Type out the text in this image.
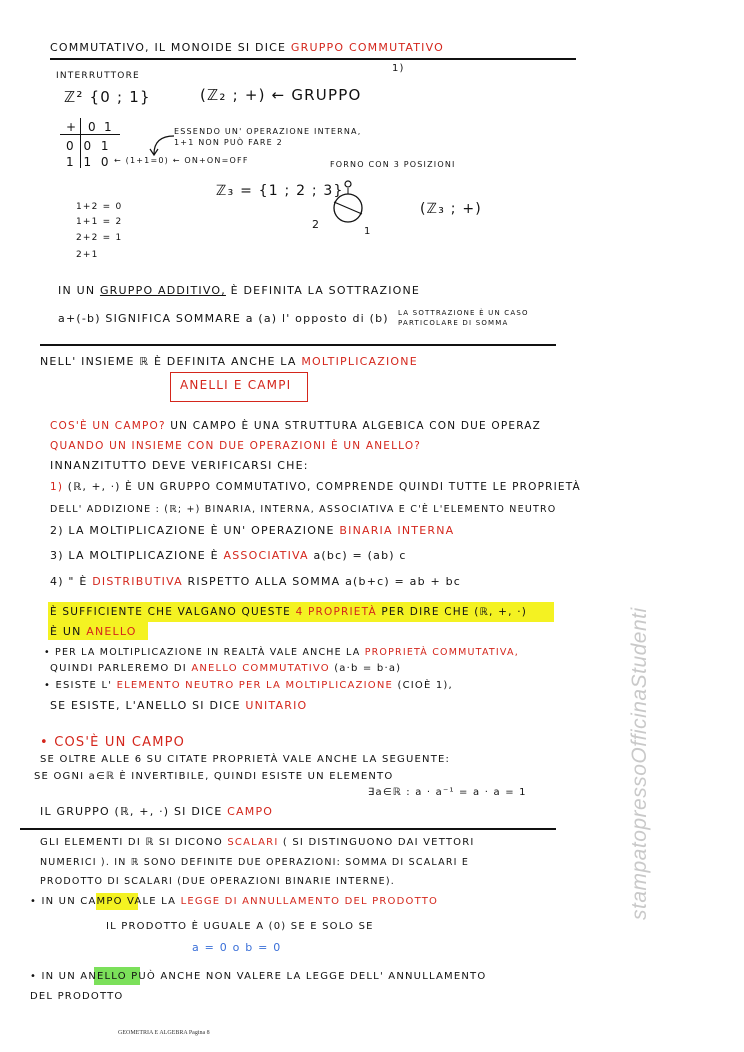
COMMUTATIVO, IL MONOIDE SI DICE GRUPPO COMMUTATIVO
1)
INTERRUTTORE
ℤ² {0 ; 1}	(ℤ₂ ; +) ← GRUPPO
+ 0 1
0 0 1
1 1 0 ← (1+1=0) ← ON+ON=OFF
ESSENDO UN' OPERAZIONE INTERNA,
1+1 NON PUÒ FARE 2
FORNO CON 3 POSIZIONI
2
1
ℤ₃ = {1 ; 2 ; 3}
(ℤ₃ ; +)
1+2 = 0
1+1 = 2
2+2 = 1
2+1
IN UN GRUPPO ADDITIVO, È DEFINITA LA SOTTRAZIONE
a+(-b) SIGNIFICA SOMMARE a (a) l' opposto di (b) LA SOTTRAZIONE È UN CASO
PARTICOLARE DI SOMMA
NELL' INSIEME ℝ È DEFINITA ANCHE LA MOLTIPLICAZIONE
ANELLI E CAMPI
COS'È UN CAMPO? UN CAMPO È UNA STRUTTURA ALGEBICA CON DUE OPERAZ
QUANDO UN INSIEME CON DUE OPERAZIONI È UN ANELLO?
INNANZITUTTO DEVE VERIFICARSI CHE:
1) (ℝ, +, ·) È UN GRUPPO COMMUTATIVO, COMPRENDE QUINDI TUTTE LE PROPRIETÀ
DELL' ADDIZIONE : (ℝ; +) BINARIA, INTERNA, ASSOCIATIVA E C'È L'ELEMENTO NEUTRO
2) LA MOLTIPLICAZIONE È UN' OPERAZIONE BINARIA INTERNA
3) LA MOLTIPLICAZIONE È ASSOCIATIVA a(bc) = (ab) c
4) " È DISTRIBUTIVA RISPETTO ALLA SOMMA a(b+c) = ab + bc
È SUFFICIENTE CHE VALGANO QUESTE 4 PROPRIETÀ PER DIRE CHE (ℝ, +, ·)
È UN ANELLO
• PER LA MOLTIPLICAZIONE IN REALTÀ VALE ANCHE LA PROPRIETÀ COMMUTATIVA,
QUINDI PARLEREMO DI ANELLO COMMUTATIVO (a·b = b·a)
• ESISTE L' ELEMENTO NEUTRO PER LA MOLTIPLICAZIONE (CIOÈ 1),
SE ESISTE, L'ANELLO SI DICE UNITARIO
• COS'È UN CAMPO
SE OLTRE ALLE 6 SU CITATE PROPRIETÀ VALE ANCHE LA SEGUENTE:
SE OGNI a∈ℝ È INVERTIBILE, QUINDI ESISTE UN ELEMENTO
∃a∈ℝ : a · a⁻¹ = a · a = 1
IL GRUPPO (ℝ, +, ·) SI DICE CAMPO
GLI ELEMENTI DI ℝ SI DICONO SCALARI ( SI DISTINGUONO DAI VETTORI
NUMERICI ). IN ℝ SONO DEFINITE DUE OPERAZIONI: SOMMA DI SCALARI E
PRODOTTO DI SCALARI (DUE OPERAZIONI BINARIE INTERNE).
• IN UN CAMPO VALE LA LEGGE DI ANNULLAMENTO DEL PRODOTTO
IL PRODOTTO È UGUALE A (0) SE E SOLO SE
a = 0 o b = 0
• IN UN ANELLO PUÒ ANCHE NON VALERE LA LEGGE DELL' ANNULLAMENTO
DEL PRODOTTO
stampatopressoOfficinaStudenti
GEOMETRIA E ALGEBRA Pagina 8
